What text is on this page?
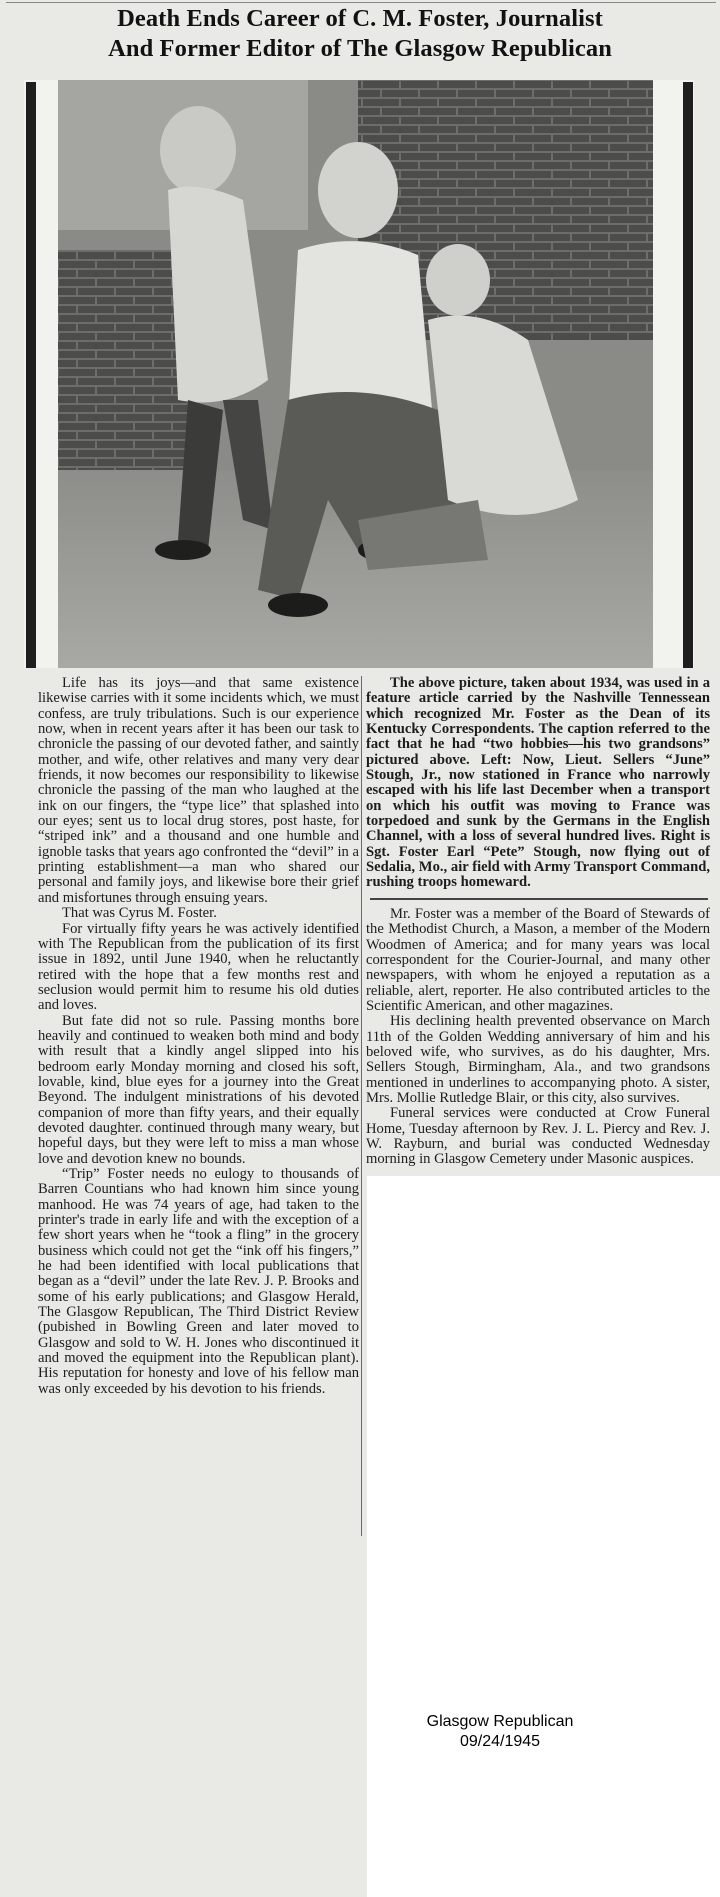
Death Ends Career of C. M. Foster, Journalist
And Former Editor of The Glasgow Republican

Life has its joys—and that same existence likewise carries with it some incidents which, we must confess, are truly tribulations. Such is our experience now, when in recent years after it has been our task to chronicle the passing of our devoted father, and saintly mother, and wife, other relatives and many very dear friends, it now becomes our responsibility to likewise chronicle the passing of the man who laughed at the ink on our fingers, the “type lice” that splashed into our eyes; sent us to local drug stores, post haste, for “striped ink” and a thousand and one humble and ignoble tasks that years ago confronted the “devil” in a printing establishment—a man who shared our personal and family joys, and likewise bore their grief and misfortunes through ensuing years.

That was Cyrus M. Foster.

For virtually fifty years he was actively identified with The Republican from the publication of its first issue in 1892, until June 1940, when he reluctantly retired with the hope that a few months rest and seclusion would permit him to resume his old duties and loves.

But fate did not so rule. Passing months bore heavily and continued to weaken both mind and body with result that a kindly angel slipped into his bedroom early Monday morning and closed his soft, lovable, kind, blue eyes for a journey into the Great Beyond. The indulgent ministrations of his devoted companion of more than fifty years, and their equally devoted daughter. continued through many weary, but hopeful days, but they were left to miss a man whose love and devotion knew no bounds.

“Trip” Foster needs no eulogy to thousands of Barren Countians who had known him since young manhood. He was 74 years of age, had taken to the printer's trade in early life and with the exception of a few short years when he “took a fling” in the grocery business which could not get the “ink off his fingers,” he had been identified with local publications that began as a “devil” under the late Rev. J. P. Brooks and some of his early publications; and Glasgow Herald, The Glasgow Republican, The Third District Review (pubished in Bowling Green and later moved to Glasgow and sold to W. H. Jones who discontinued it and moved the equipment into the Republican plant). His reputation for honesty and love of his fellow man was only exceeded by his devotion to his friends.

The above picture, taken about 1934, was used in a feature article carried by the Nashville Tennessean which recognized Mr. Foster as the Dean of its Kentucky Correspondents. The caption referred to the fact that he had “two hobbies—his two grandsons” pictured above. Left: Now, Lieut. Sellers “June” Stough, Jr., now stationed in France who narrowly escaped with his life last December when a transport on which his outfit was moving to France was torpedoed and sunk by the Germans in the English Channel, with a loss of several hundred lives. Right is Sgt. Foster Earl “Pete” Stough, now flying out of Sedalia, Mo., air field with Army Transport Command, rushing troops homeward.

Mr. Foster was a member of the Board of Stewards of the Methodist Church, a Mason, a member of the Modern Woodmen of America; and for many years was local correspondent for the Courier-Journal, and many other newspapers, with whom he enjoyed a reputation as a reliable, alert, reporter. He also contributed articles to the Scientific American, and other magazines.

His declining health prevented observance on March 11th of the Golden Wedding anniversary of him and his beloved wife, who survives, as do his daughter, Mrs. Sellers Stough, Birmingham, Ala., and two grandsons mentioned in underlines to accompanying photo. A sister, Mrs. Mollie Rutledge Blair, or this city, also survives.

Funeral services were conducted at Crow Funeral Home, Tuesday afternoon by Rev. J. L. Piercy and Rev. J. W. Rayburn, and burial was conducted Wednesday morning in Glasgow Cemetery under Masonic auspices.

Glasgow Republican
09/24/1945
